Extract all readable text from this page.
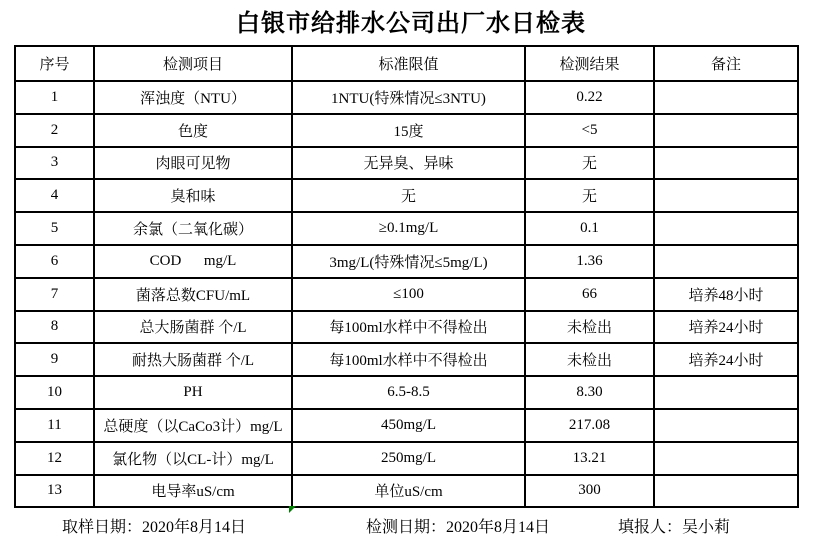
白银市给排水公司出厂水日检表
序号	检测项目	标准限值	检测结果	备注
1	浑浊度（NTU）	1NTU(特殊情况≤3NTU)	0.22	
2	色度	15度	<5	
3	肉眼可见物	无异臭、异味	无	
4	臭和味	无	无	
5	余氯（二氧化碳）	≥0.1mg/L	0.1	
6	COD      mg/L	3mg/L(特殊情况≤5mg/L)	1.36	
7	菌落总数CFU/mL	≤100	66	培养48小时
8	总大肠菌群 个/L	每100ml水样中不得检出	未检出	培养24小时
9	耐热大肠菌群 个/L	每100ml水样中不得检出	未检出	培养24小时
10	PH	6.5-8.5	8.30	
11	总硬度（以CaCo3计）mg/L	450mg/L	217.08	
12	氯化物（以CL-计）mg/L	250mg/L	13.21	
13	电导率uS/cm	单位uS/cm	300	
取样日期：2020年8月14日	检测日期：2020年8月14日	填报人：吴小莉
